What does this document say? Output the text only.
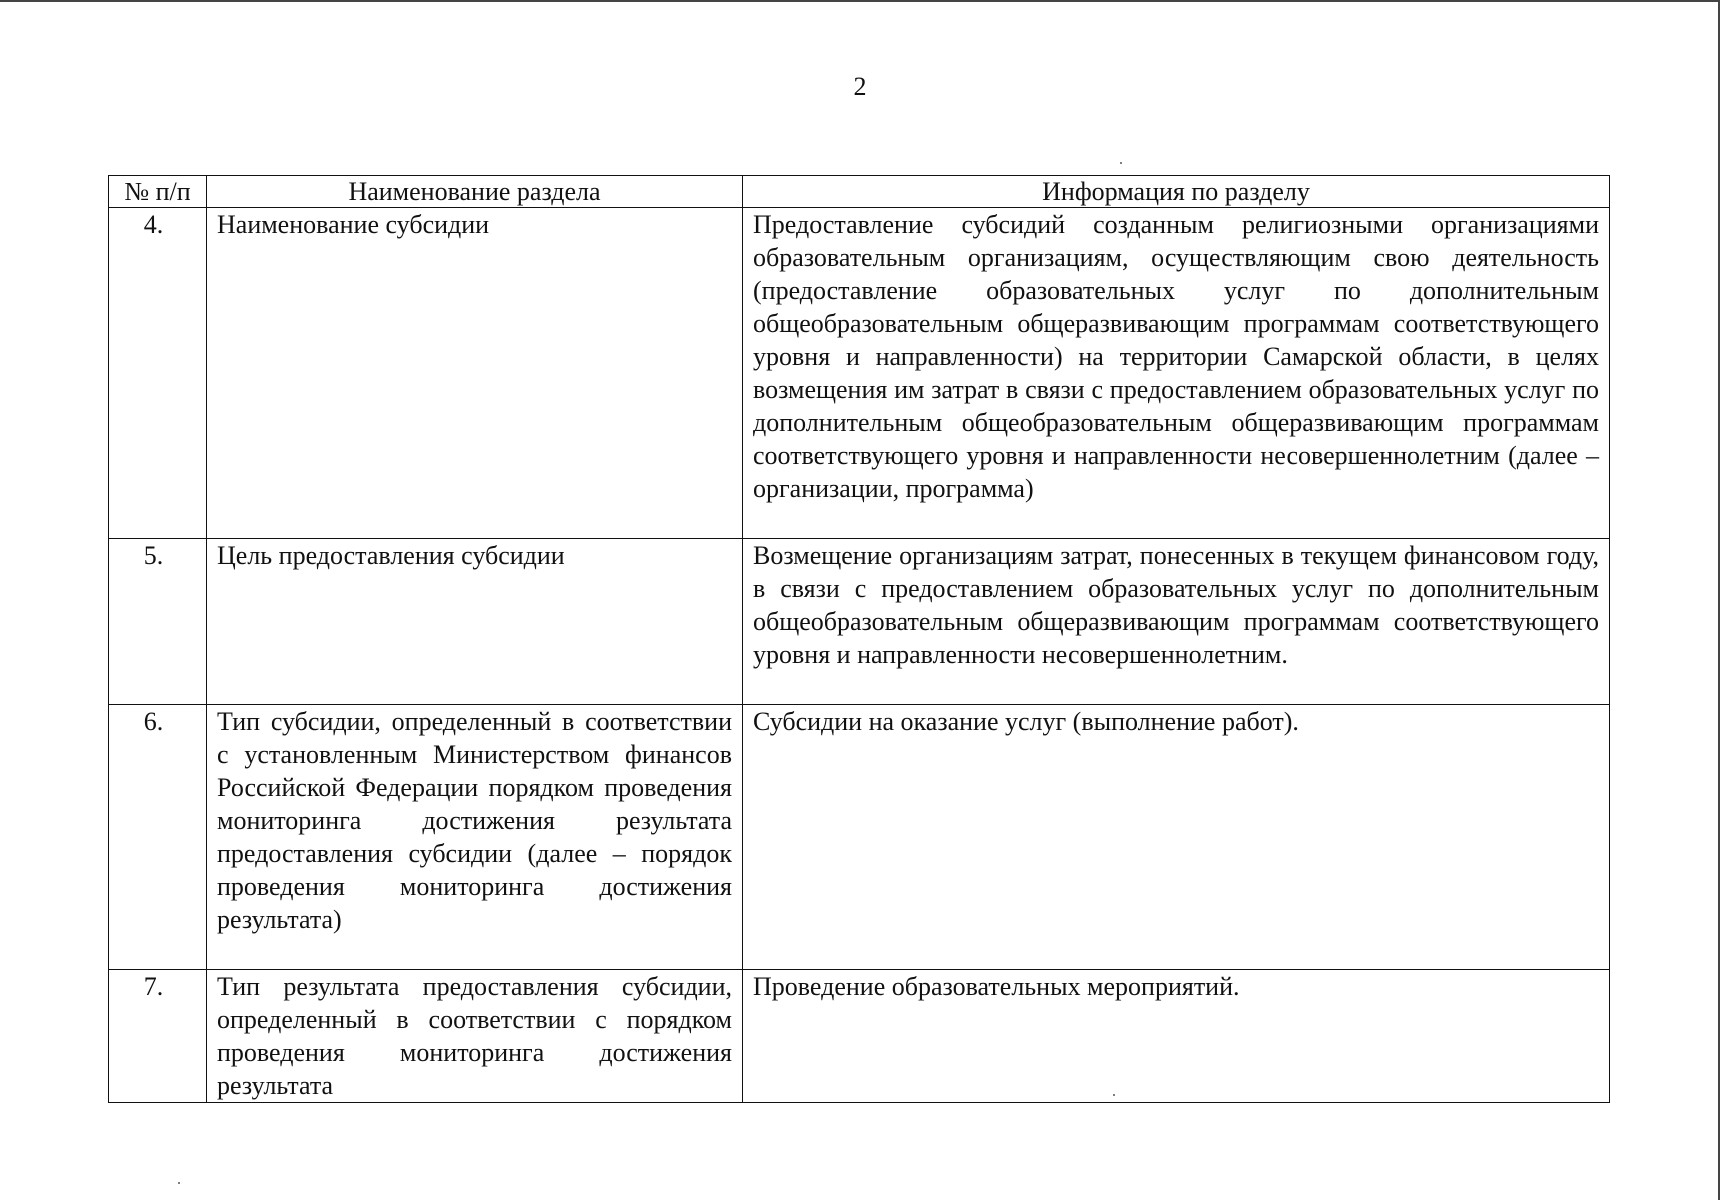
2
№ п/п	Наименование раздела	Информация по разделу
4.	Наименование субсидии	Предоставление субсидий созданным религиозными организациями образовательным организациям, осуществляющим свою деятельность (предоставление образовательных услуг по дополнительным общеобразовательным общеразвивающим программам соответствующего уровня и направленности) на территории Самарской области, в целях возмещения им затрат в связи с предоставлением образовательных услуг по дополнительным общеобразовательным общеразвивающим программам соответствующего уровня и направленности несовершеннолетним (далее – организации, программа)

5.	Цель предоставления субсидии	Возмещение организациям затрат, понесенных в текущем финансовом году, в связи с предоставлением образовательных услуг по дополнительным общеобразовательным общеразвивающим программам соответствующего уровня и направленности несовершеннолетним.

6.	Тип субсидии, определенный в соответствии с установленным Министерством финансов Российской Федерации порядком проведения мониторинга достижения результата предоставления субсидии (далее – порядок проведения мониторинга достижения результата)	Субсидии на оказание услуг (выполнение работ).

7.	Тип результата предоставления субсидии, определенный в соответствии с порядком проведения мониторинга достижения результата	Проведение образовательных мероприятий.
